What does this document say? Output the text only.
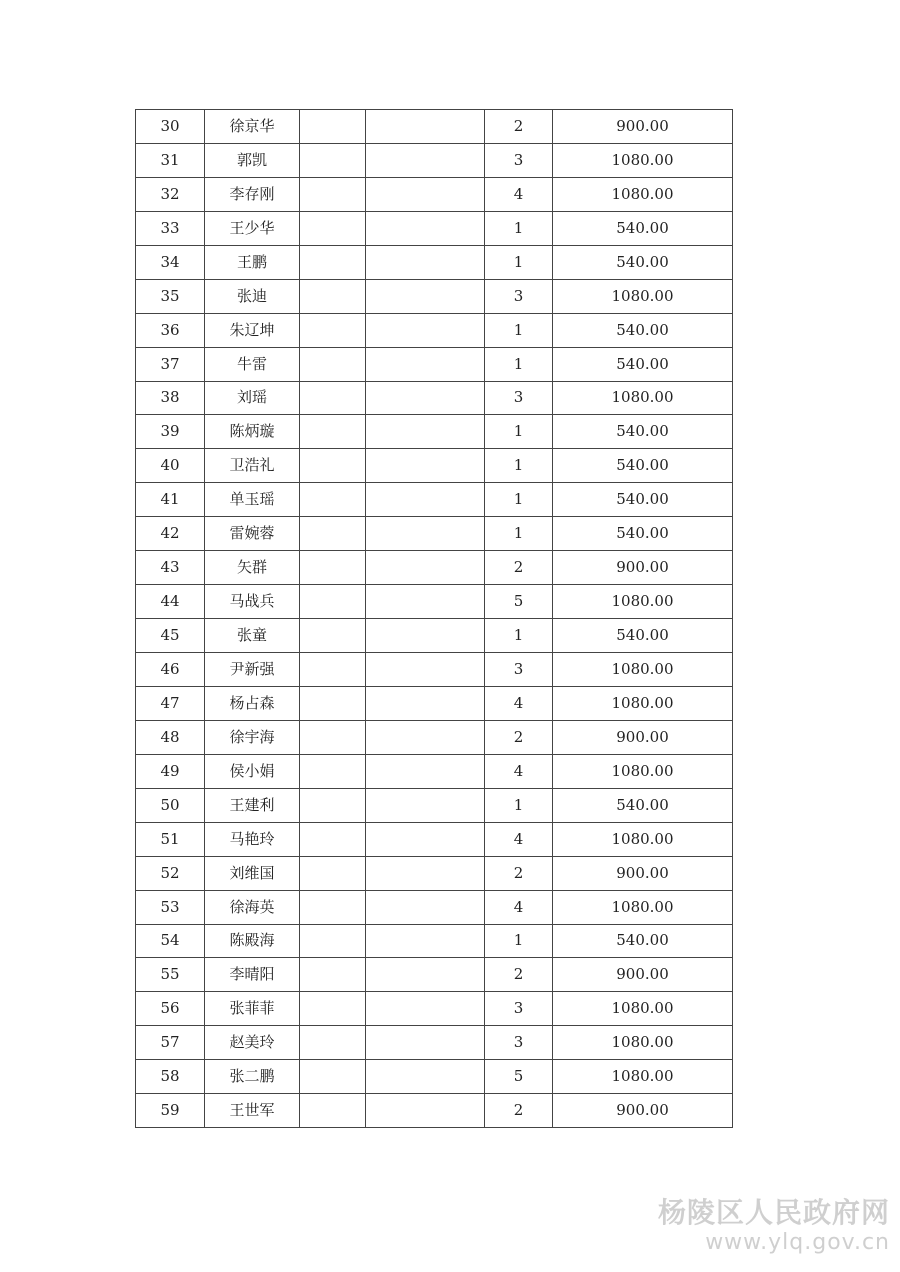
30	徐京华			2	900.00
31	郭凯			3	1080.00
32	李存刚			4	1080.00
33	王少华			1	540.00
34	王鹏			1	540.00
35	张迪			3	1080.00
36	朱辽坤			1	540.00
37	牛雷			1	540.00
38	刘瑶			3	1080.00
39	陈炳璇			1	540.00
40	卫浩礼			1	540.00
41	单玉瑶			1	540.00
42	雷婉蓉			1	540.00
43	矢群			2	900.00
44	马战兵			5	1080.00
45	张童			1	540.00
46	尹新强			3	1080.00
47	杨占森			4	1080.00
48	徐宇海			2	900.00
49	侯小娟			4	1080.00
50	王建利			1	540.00
51	马艳玲			4	1080.00
52	刘维国			2	900.00
53	徐海英			4	1080.00
54	陈殿海			1	540.00
55	李晴阳			2	900.00
56	张菲菲			3	1080.00
57	赵美玲			3	1080.00
58	张二鹏			5	1080.00
59	王世军			2	900.00
杨陵区人民政府网
www.ylq.gov.cn
